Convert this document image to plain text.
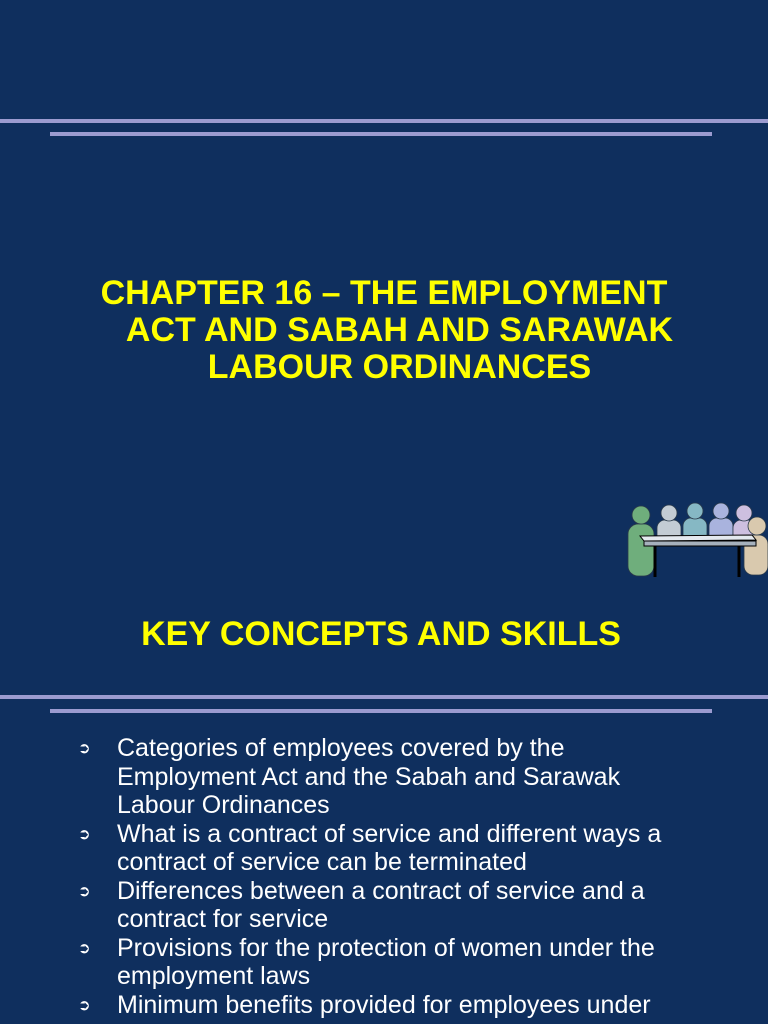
CHAPTER 16 – THE EMPLOYMENT
ACT AND SABAH AND SARAWAK
LABOUR ORDINANCES
KEY CONCEPTS AND SKILLS
➲ Categories of employees covered by the Employment Act and the Sabah and Sarawak Labour Ordinances
➲ What is a contract of service and different ways a contract of service can be terminated
➲ Differences between a contract of service and a contract for service
➲ Provisions for the protection of women under the employment laws
➲ Minimum benefits provided for employees under
